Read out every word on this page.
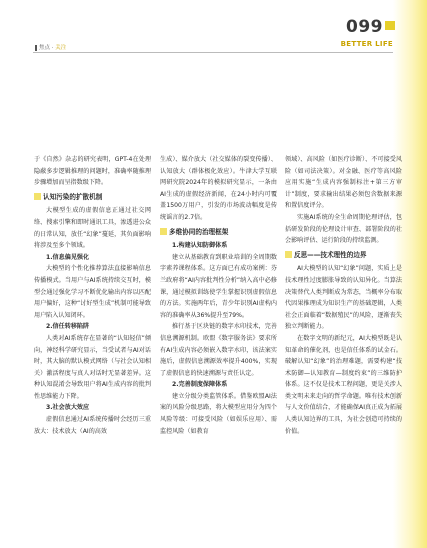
焦点 · 关注
099
BETTER LIFE

于《自然》杂志的研究表明，GPT-4在处理隐蔽多步逻辑推理的问题时，准确率随推理步骤增加而呈指数级下降。

认知污染的扩散机制

大模型生成的虚假信息正通过社交网络、搜索引擎和即时通讯工具，渗透进公众的日常认知，放任“幻象”蔓延，其负面影响将涉及至多个领域。

1.信息偏见强化

大模型的个性化推荐算法直接影响信息传播模式。当用户与AI系统持续交互时，模型会通过强化学习不断优化输出内容以匹配用户偏好，这种“讨好型生成”机制可能导致用户陷入认知闭环。

2.信任转移陷阱

人类对AI系统存在显著的“认知轻信”倾向，神经科学研究显示，当受试者与AI对话时，其大脑的默认模式网络（与社会认知相关）激活程度与真人对话时无显著差异。这种认知混淆会导致用户将AI生成内容的批判性思维能力下降。

3.社会放大效应

虚假信息通过AI系统传播时会经历三重放大：技术放大（AI的高效

生成）、媒介放大（社交媒体的裂变传播）、认知放大（群体极化效应）。牛津大学互联网研究院2024年的模拟研究显示，一条由AI生成的虚假经济新闻，在24小时内可覆盖1500万用户，引发的市场波动幅度是传统谣言的2.7倍。

多维协同的治理框架

1.构建认知防御体系

建立从基础教育到职业培训的全周期数字素养课程体系。这方面已有成功案例：芬兰政府将“AI内容批判性分析”纳入高中必修课，通过模拟训练使学生掌握识别虚假信息的方法。实施两年后，青少年识别AI虚构内容的准确率从36%提升至79%。

推行基于区块链的数字水印技术，完善信息溯源机制。欧盟《数字服务法》要求所有AI生成内容必须嵌入数字水印，该法案实施后，虚假信息溯源效率提升400%，实现了虚假信息的快速溯源与责任认定。

2.完善制度保障体系

建立分级分类监管体系。借鉴欧盟AI法案的风险分级思路，将大模型应用分为四个风险等级：可接受风险（如娱乐应用）、需监控风险（如教育

领域）、高风险（如医疗诊断）、不可接受风险（如司法决策）。对金融、医疗等高风险应用实施“生成内容强制标注+第三方审计”制度，要求输出结果必须包含数据来源和置信度评分。

实施AI系统的全生命周期伦理评估，包括研发阶段的伦理设计审查、部署阶段的社会影响评估、运行阶段的持续监测。

反思——技术理性的边界

AI大模型的认知“幻象”问题，实质上是技术理性过度膨胀导致的认知异化。当算法决策替代人类判断成为常态，当概率分布取代因果推理成为知识生产的基础逻辑，人类社会正面临着“数据殖民”的风险，逐渐丧失独立判断能力。

在数字文明的新纪元，AI大模型既是认知革命的催化剂，也是信任体系的试金石。破解认知“幻象”的治理难题，需要构建“技术防御—认知教育—制度约束”的三维防护体系。这不仅是技术工程问题，更是关涉人类文明未来走向的哲学命题。唯有技术创新与人文价值结合，才能确保AI真正成为拓展人类认知边界的工具，为社会创造可持续的价值。
